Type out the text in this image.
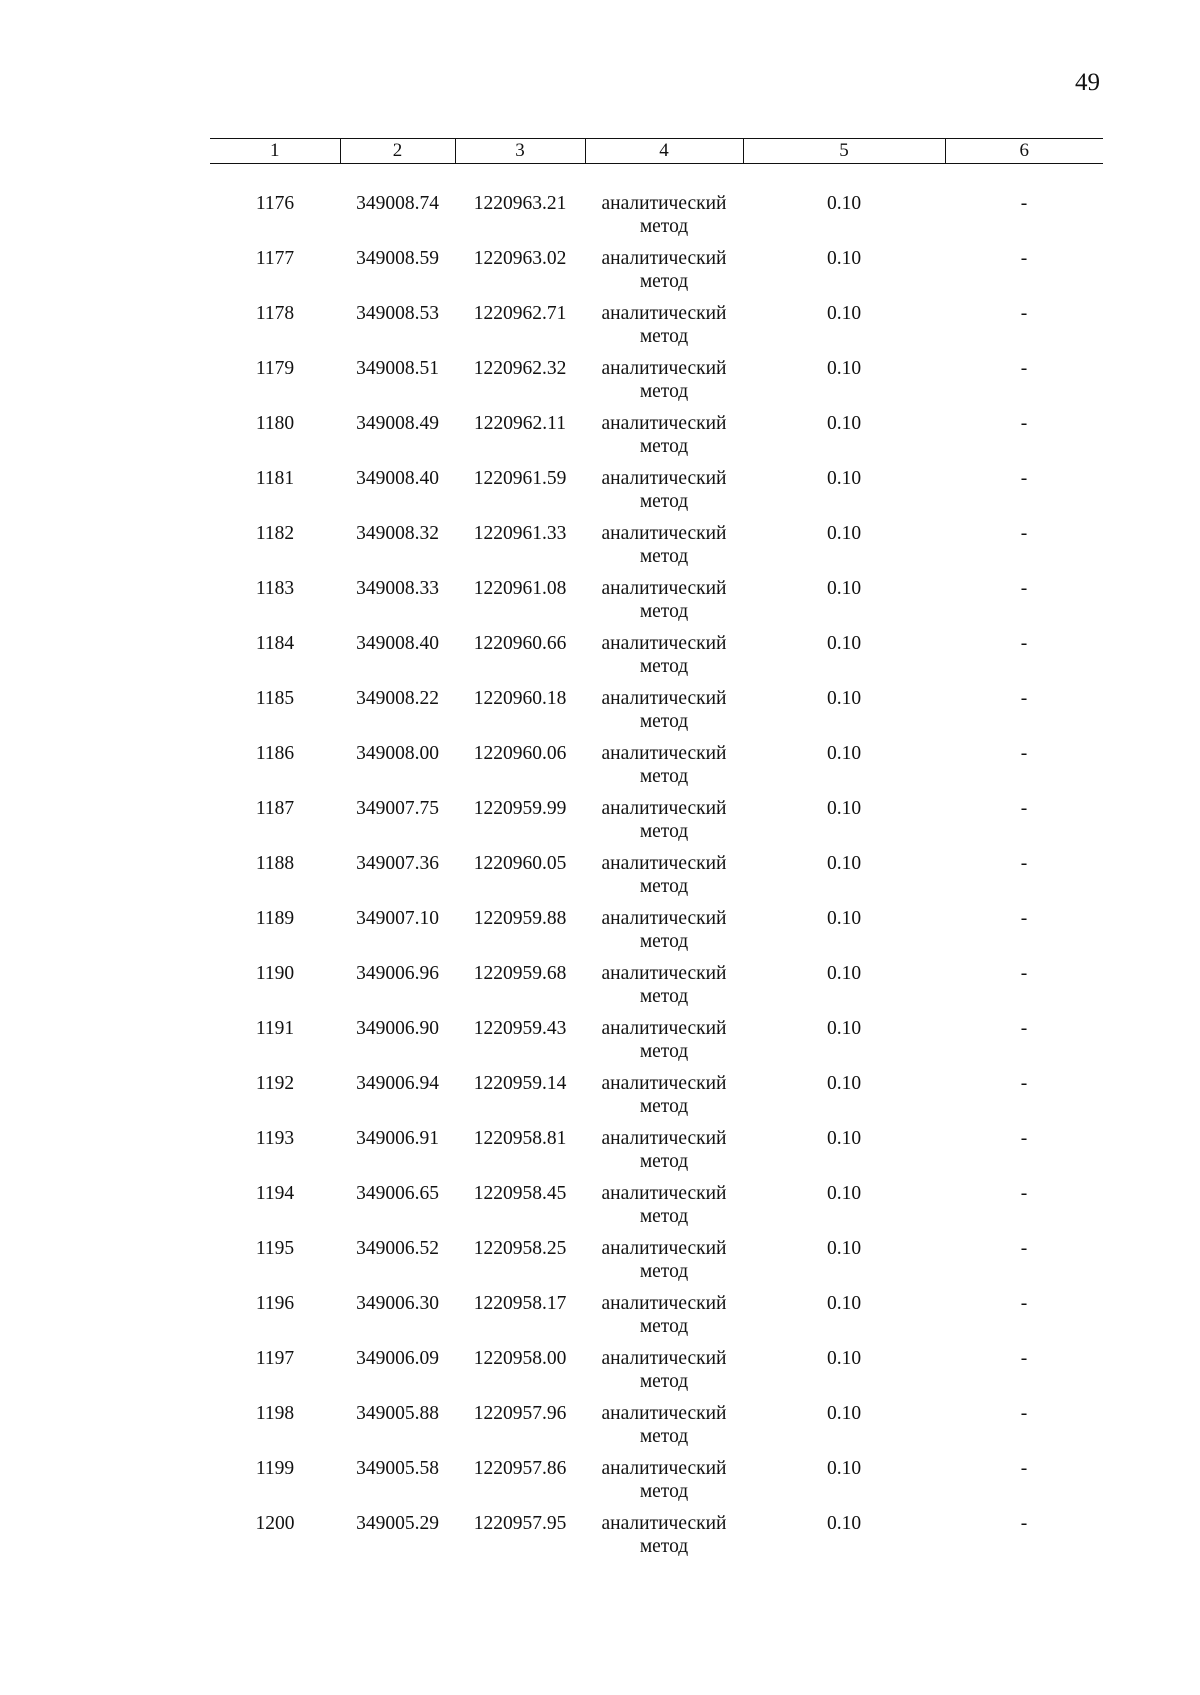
49
1	2	3	4	5	6

1176	349008.74	1220963.21	аналитический
метод	0.10	-
1177	349008.59	1220963.02	аналитический
метод	0.10	-
1178	349008.53	1220962.71	аналитический
метод	0.10	-
1179	349008.51	1220962.32	аналитический
метод	0.10	-
1180	349008.49	1220962.11	аналитический
метод	0.10	-
1181	349008.40	1220961.59	аналитический
метод	0.10	-
1182	349008.32	1220961.33	аналитический
метод	0.10	-
1183	349008.33	1220961.08	аналитический
метод	0.10	-
1184	349008.40	1220960.66	аналитический
метод	0.10	-
1185	349008.22	1220960.18	аналитический
метод	0.10	-
1186	349008.00	1220960.06	аналитический
метод	0.10	-
1187	349007.75	1220959.99	аналитический
метод	0.10	-
1188	349007.36	1220960.05	аналитический
метод	0.10	-
1189	349007.10	1220959.88	аналитический
метод	0.10	-
1190	349006.96	1220959.68	аналитический
метод	0.10	-
1191	349006.90	1220959.43	аналитический
метод	0.10	-
1192	349006.94	1220959.14	аналитический
метод	0.10	-
1193	349006.91	1220958.81	аналитический
метод	0.10	-
1194	349006.65	1220958.45	аналитический
метод	0.10	-
1195	349006.52	1220958.25	аналитический
метод	0.10	-
1196	349006.30	1220958.17	аналитический
метод	0.10	-
1197	349006.09	1220958.00	аналитический
метод	0.10	-
1198	349005.88	1220957.96	аналитический
метод	0.10	-
1199	349005.58	1220957.86	аналитический
метод	0.10	-
1200	349005.29	1220957.95	аналитический
метод	0.10	-
